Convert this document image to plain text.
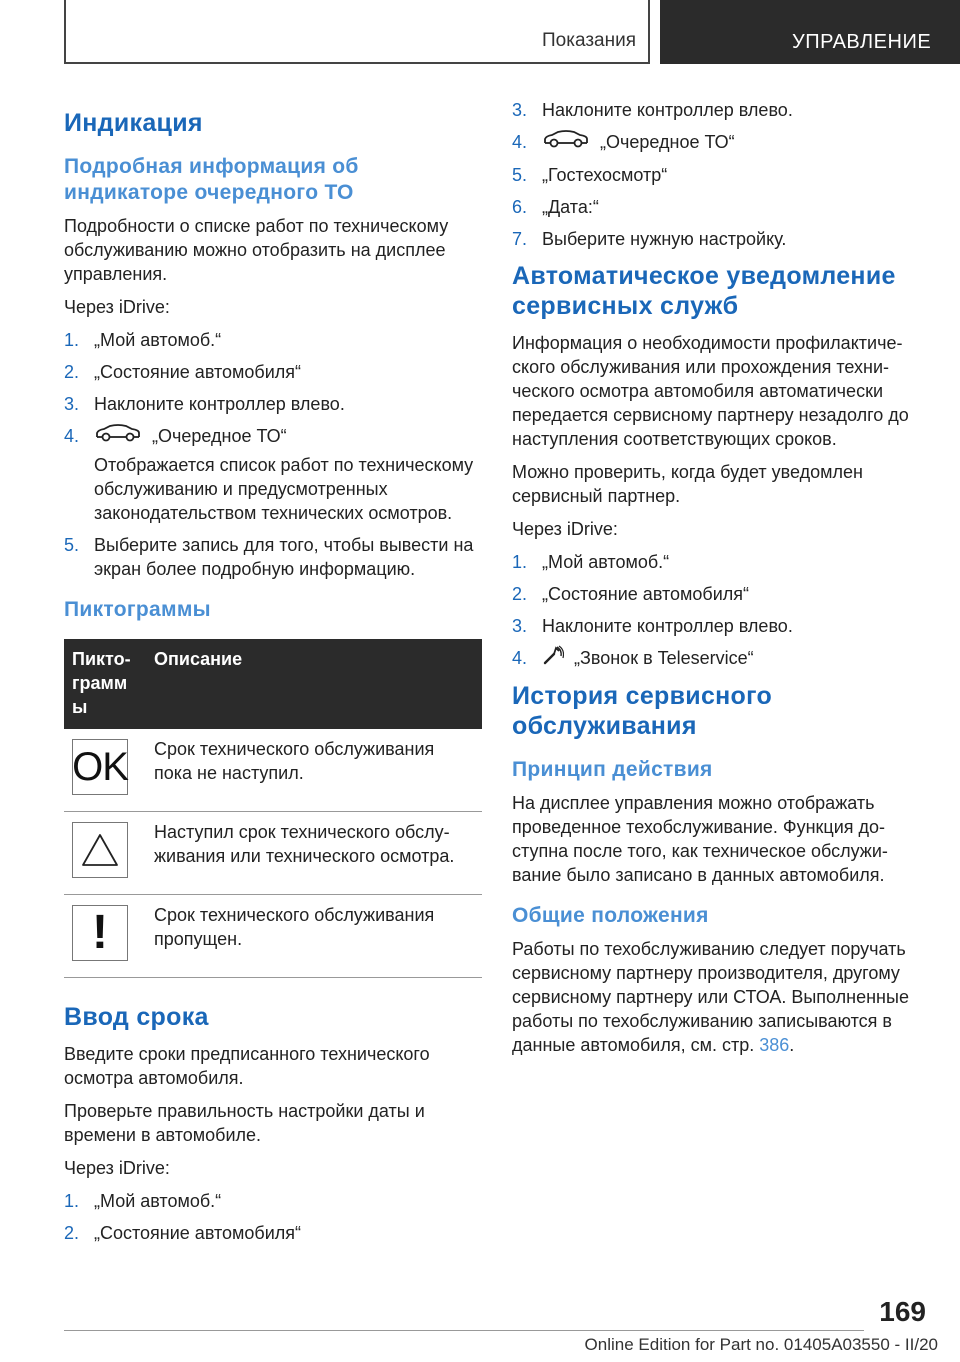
Показания	УПРАВЛЕНИЕ
Индикация
Подробная информация об индикаторе очередного ТО

Подробности о списке работ по техническому обслуживанию можно отобразить на дисплее управления.

Через iDrive:

1. „Мой автомоб.“
2. „Состояние автомобиля“
3. Наклоните контроллер влево.
4.	„Очередное ТО“
Отображается список работ по техническому обслуживанию и предусмотренных законодательством технических осмотров.
5. Выберите запись для того, чтобы вывести на экран более подробную информацию.
Пиктограммы
Пиктограмм ы	Описание

OK	Срок технического обслуживания пока не наступил.

	Наступил срок технического обслуживания или технического осмотра.

!	Срок технического обслуживания пропущен.
Ввод срока

Введите сроки предписанного технического осмотра автомобиля.

Проверьте правильность настройки даты и времени в автомобиле.

Через iDrive:

1. „Мой автомоб.“
2. „Состояние автомобиля“
3. Наклоните контроллер влево.
4.	„Очередное ТО“
5. „Гостехосмотр“
6. „Дата:“
7. Выберите нужную настройку.
Автоматическое уведомление сервисных служб

Информация о необходимости профилактического обслуживания или прохождения технического осмотра автомобиля автоматически передается сервисному партнеру незадолго до наступления соответствующих сроков.

Можно проверить, когда будет уведомлен сервисный партнер.

Через iDrive:

1. „Мой автомоб.“
2. „Состояние автомобиля“
3. Наклоните контроллер влево.
4.	„Звонок в Teleservice“
История сервисного обслуживания
Принцип действия

На дисплее управления можно отображать проведенное техобслуживание. Функция доступна после того, как техническое обслуживание было записано в данных автомобиля.

Общие положения

Работы по техобслуживанию следует поручать сервисному партнеру производителя, другому сервисному партнеру или СТОА. Выполненные работы по техобслуживанию записываются в данные автомобиля, см. стр. 386.

169
Online Edition for Part no. 01405A03550 - II/20
